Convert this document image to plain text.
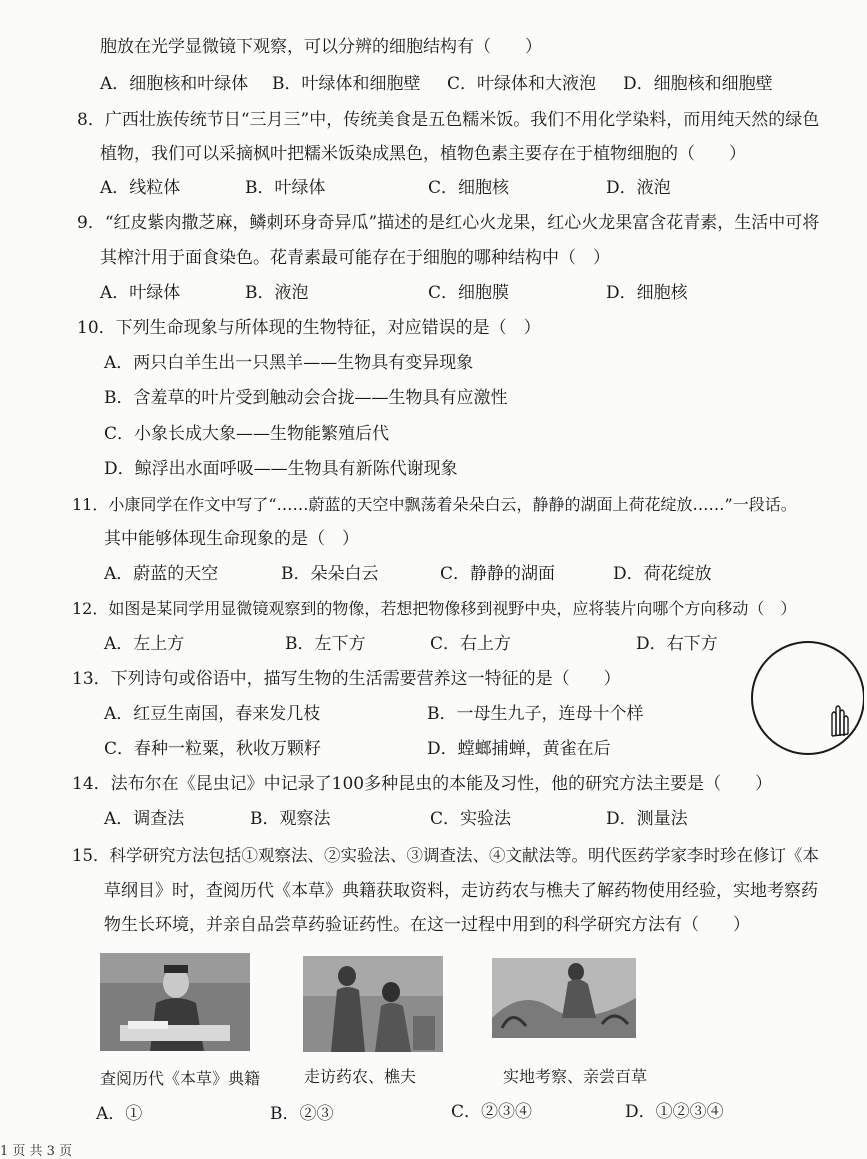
胞放在光学显微镜下观察，可以分辨的细胞结构有（　　）
A．细胞核和叶绿体 B．叶绿体和细胞壁 C．叶绿体和大液泡 D．细胞核和细胞壁
8．广西壮族传统节日“三月三”中，传统美食是五色糯米饭。我们不用化学染料，而用纯天然的绿色
植物，我们可以采摘枫叶把糯米饭染成黑色，植物色素主要存在于植物细胞的（　　）
A．线粒体	B．叶绿体	C．细胞核	D．液泡
9．“红皮紫肉撒芝麻，鳞刺环身奇异瓜”描述的是红心火龙果，红心火龙果富含花青素，生活中可将
其榨汁用于面食染色。花青素最可能存在于细胞的哪种结构中（　）
A．叶绿体	B．液泡	C．细胞膜	D．细胞核
10．下列生命现象与所体现的生物特征，对应错误的是（　）
A．两只白羊生出一只黑羊——生物具有变异现象
B．含羞草的叶片受到触动会合拢——生物具有应激性
C．小象长成大象——生物能繁殖后代
D．鲸浮出水面呼吸——生物具有新陈代谢现象
11．小康同学在作文中写了“……蔚蓝的天空中飘荡着朵朵白云，静静的湖面上荷花绽放……”一段话。
其中能够体现生命现象的是（　）
A．蔚蓝的天空	B．朵朵白云	C．静静的湖面	D．荷花绽放
12．如图是某同学用显微镜观察到的物像，若想把物像移到视野中央，应将装片向哪个方向移动（　）
A．左上方	B．左下方	C．右上方	D．右下方
13．下列诗句或俗语中，描写生物的生活需要营养这一特征的是（　　）
A．红豆生南国，春来发几枝	B．一母生九子，连母十个样
C．春种一粒粟，秋收万颗籽	D．螳螂捕蝉，黄雀在后
14．法布尔在《昆虫记》中记录了100多种昆虫的本能及习性，他的研究方法主要是（　　）
A．调查法	B．观察法	C．实验法	D．测量法
15．科学研究方法包括①观察法、②实验法、③调查法、④文献法等。明代医药学家李时珍在修订《本
草纲目》时，查阅历代《本草》典籍获取资料，走访药农与樵夫了解药物使用经验，实地考察药
物生长环境，并亲自品尝草药验证药性。在这一过程中用到的科学研究方法有（　　）
查阅历代《本草》典籍	走访药农、樵夫	实地考察、亲尝百草
A．①	B．②③	C．②③④	D．①②③④
1 页 共 3 页
